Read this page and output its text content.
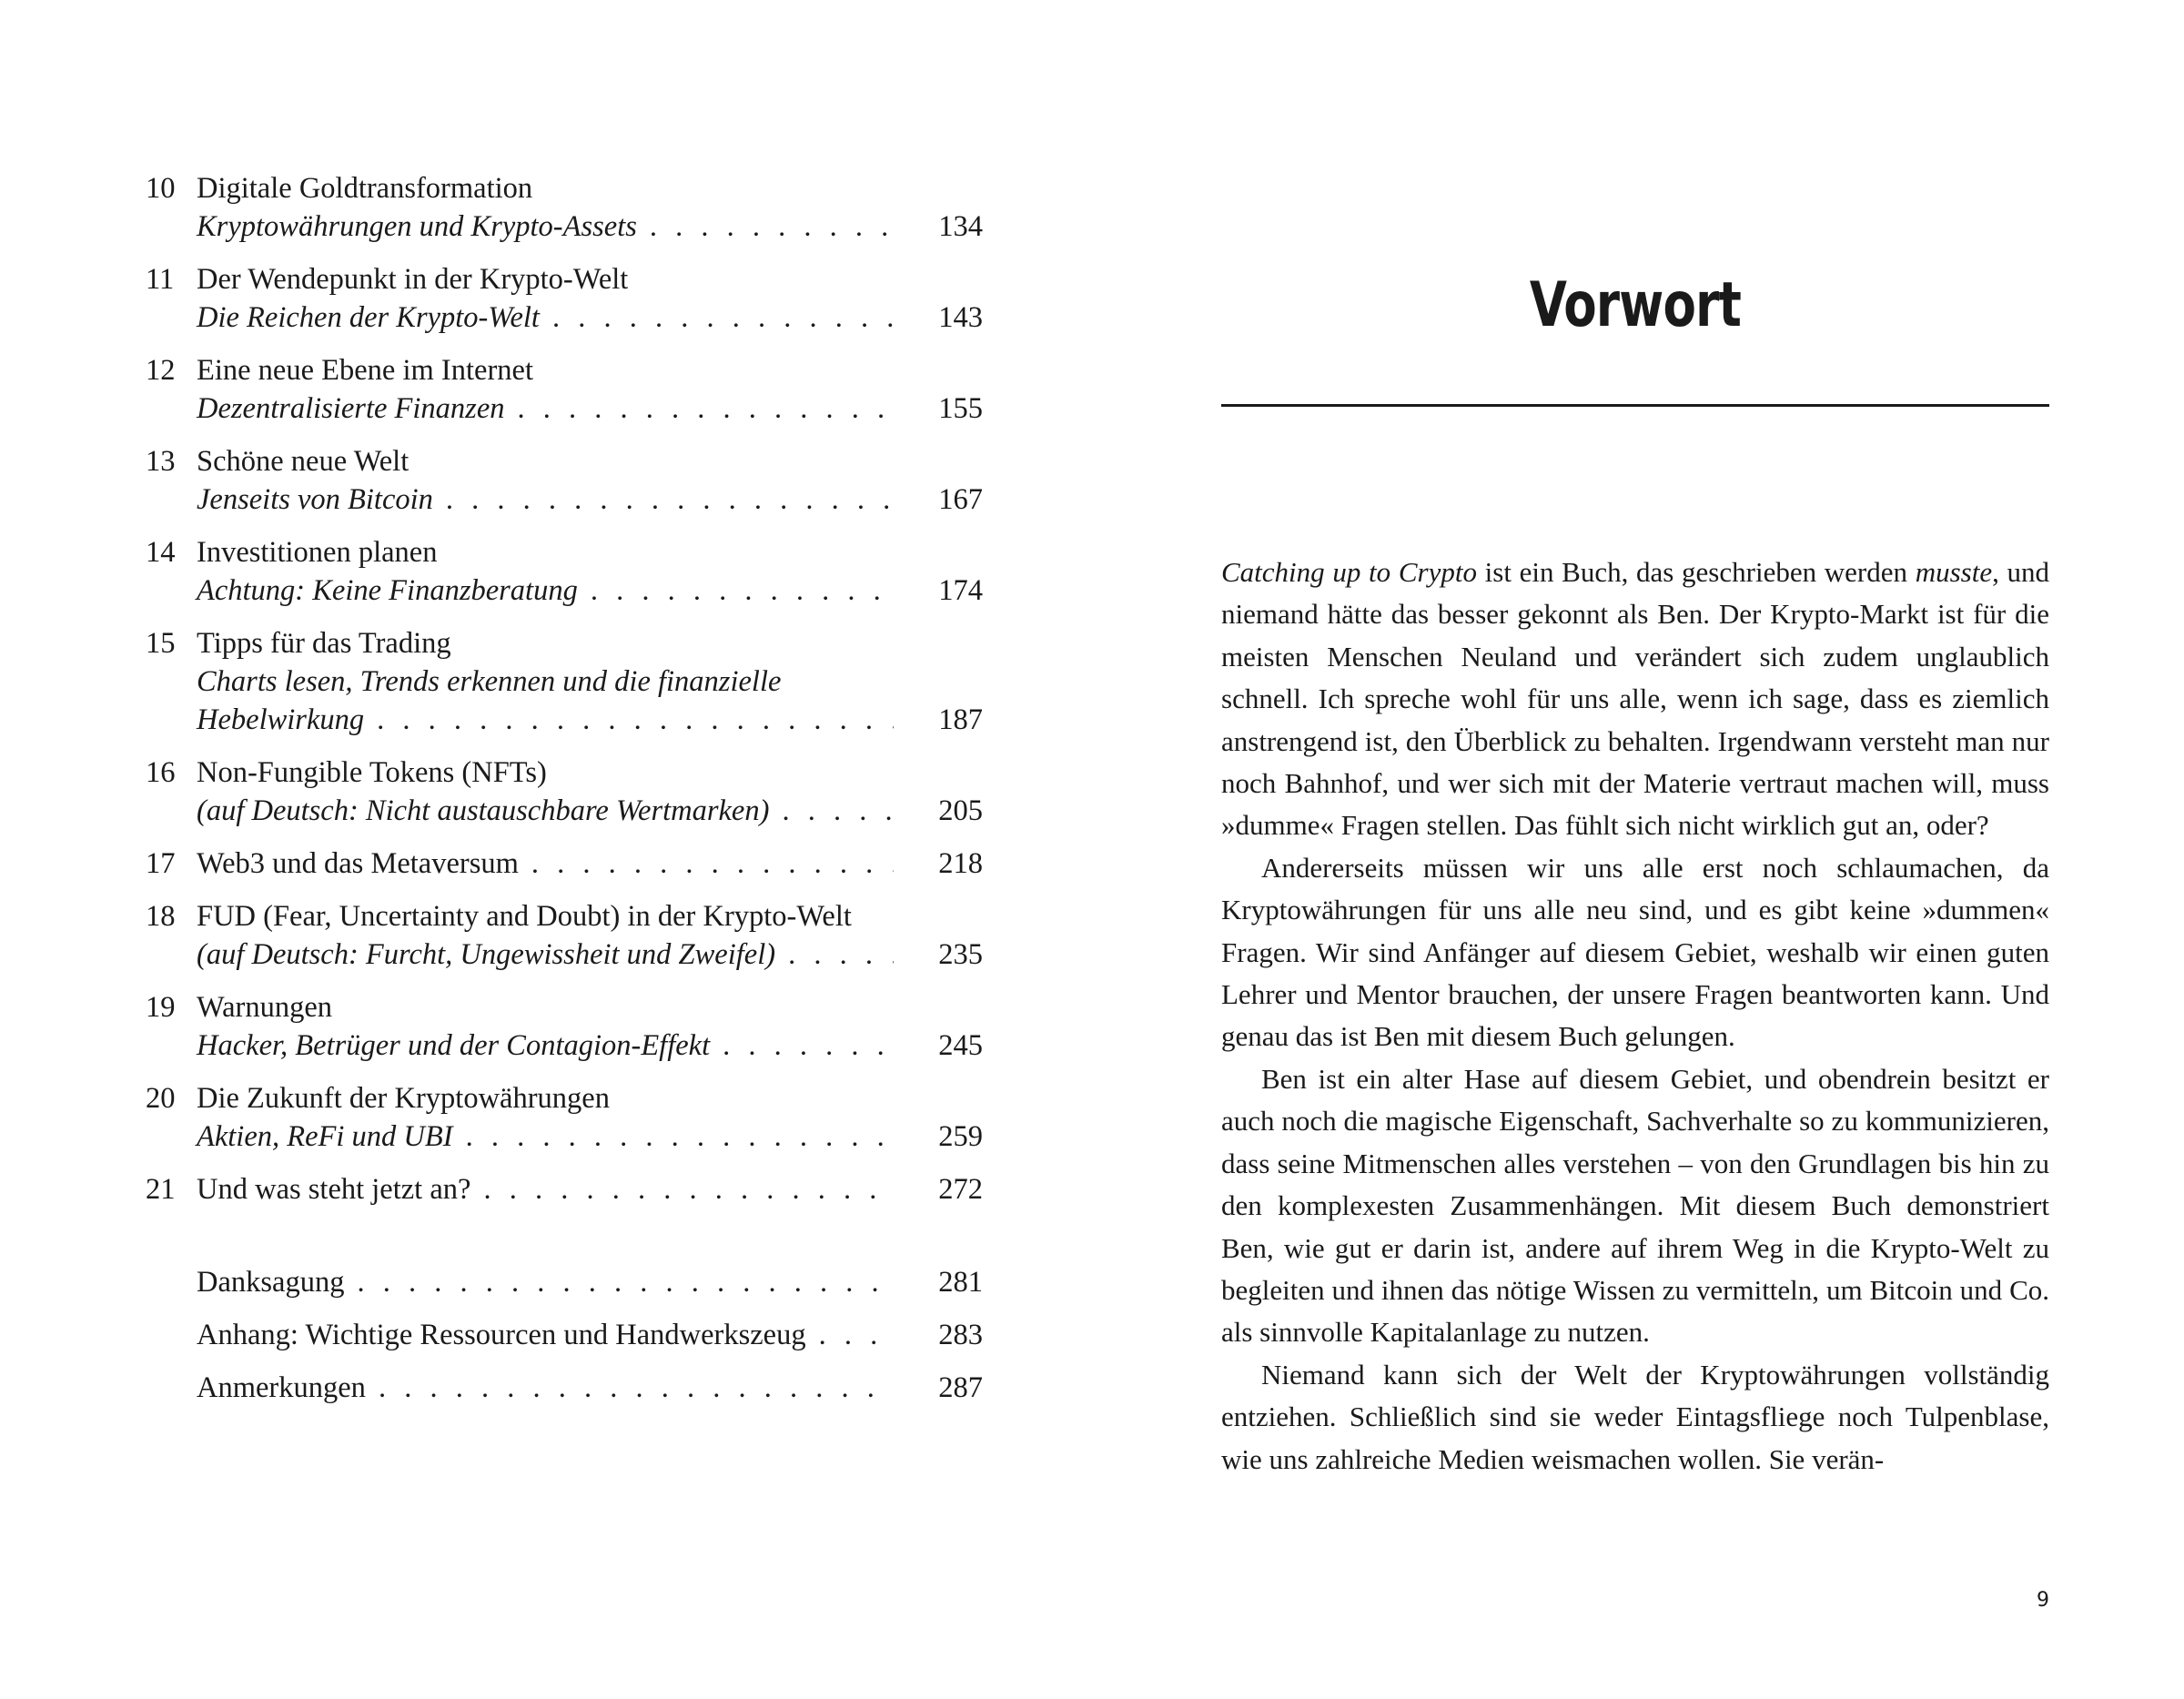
10 Digitale Goldtransformation
Kryptowährungen und Krypto-Assets . . .	134
11 Der Wendepunkt in der Krypto-Welt
Die Reichen der Krypto-Welt . . .	143
12 Eine neue Ebene im Internet
Dezentralisierte Finanzen . . .	155
13 Schöne neue Welt
Jenseits von Bitcoin . . .	167
14 Investitionen planen
Achtung: Keine Finanzberatung . . .	174
15 Tipps für das Trading
Charts lesen, Trends erkennen und die finanzielle
Hebelwirkung . . .	187
16 Non-Fungible Tokens (NFTs)
(auf Deutsch: Nicht austauschbare Wertmarken) . . .	205
17 Web3 und das Metaversum . . .	218
18 FUD (Fear, Uncertainty and Doubt) in der Krypto-Welt
(auf Deutsch: Furcht, Ungewissheit und Zweifel) . . .	235
19 Warnungen
Hacker, Betrüger und der Contagion-Effekt . . .	245
20 Die Zukunft der Kryptowährungen
Aktien, ReFi und UBI . . .	259
21 Und was steht jetzt an? . . .	272
Danksagung . . .	281
Anhang: Wichtige Ressourcen und Handwerkszeug . . .	283
Anmerkungen . . .	287
Vorwort

Catching up to Crypto ist ein Buch, das geschrieben werden musste, und niemand hätte das besser gekonnt als Ben. Der Krypto-Markt ist für die meisten Menschen Neuland und verändert sich zudem unglaublich schnell. Ich spreche wohl für uns alle, wenn ich sage, dass es ziemlich anstrengend ist, den Überblick zu behalten. Irgendwann versteht man nur noch Bahnhof, und wer sich mit der Materie vertraut machen will, muss »dumme« Fragen stellen. Das fühlt sich nicht wirklich gut an, oder?

Andererseits müssen wir uns alle erst noch schlaumachen, da Kryptowährungen für uns alle neu sind, und es gibt keine »dummen« Fragen. Wir sind Anfänger auf diesem Gebiet, weshalb wir einen guten Lehrer und Mentor brauchen, der unsere Fragen beantworten kann. Und genau das ist Ben mit diesem Buch gelungen.

Ben ist ein alter Hase auf diesem Gebiet, und obendrein besitzt er auch noch die magische Eigenschaft, Sachverhalte so zu kommunizieren, dass seine Mitmenschen alles verstehen – von den Grundlagen bis hin zu den komplexesten Zusammenhängen. Mit diesem Buch demonstriert Ben, wie gut er darin ist, andere auf ihrem Weg in die Krypto-Welt zu begleiten und ihnen das nötige Wissen zu vermitteln, um Bitcoin und Co. als sinnvolle Kapitalanlage zu nutzen.

Niemand kann sich der Welt der Kryptowährungen vollständig entziehen. Schließlich sind sie weder Eintagsfliege noch Tulpenblase, wie uns zahlreiche Medien weismachen wollen. Sie verän-

9
